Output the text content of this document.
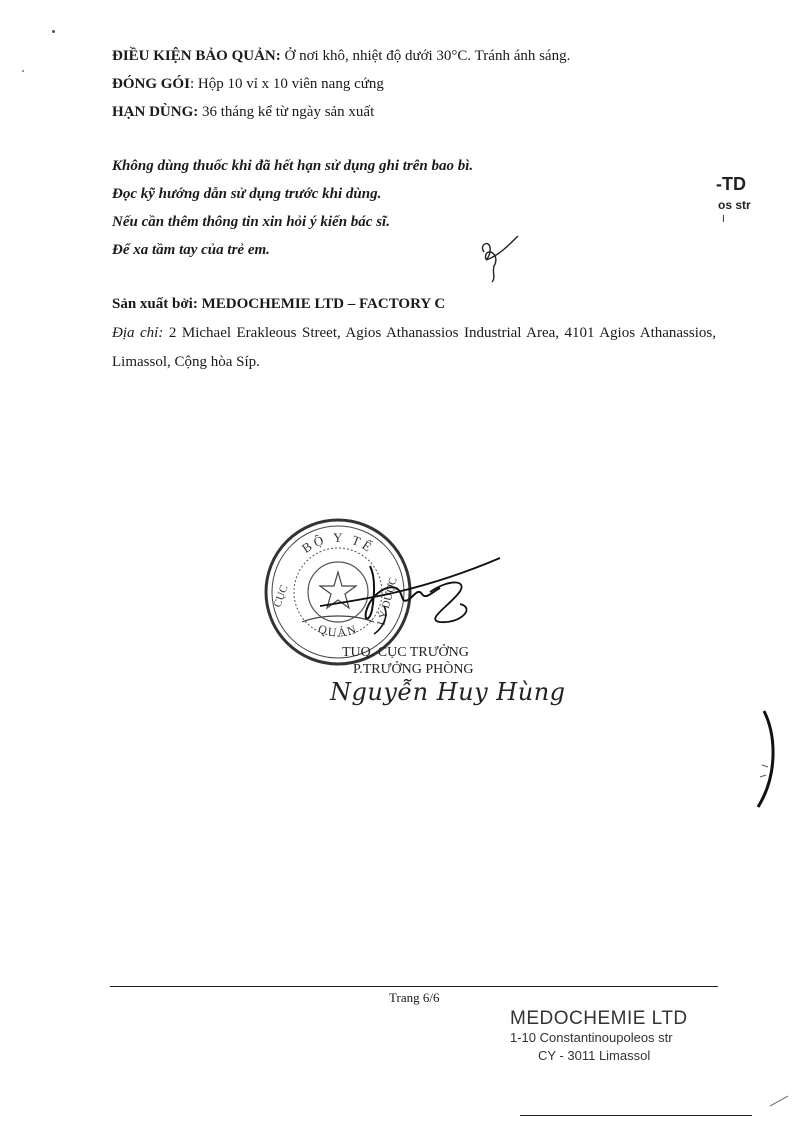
ĐIỀU KIỆN BẢO QUẢN: Ở nơi khô, nhiệt độ dưới 30°C. Tránh ánh sáng.
ĐÓNG GÓI: Hộp 10 vỉ x 10 viên nang cứng
HẠN DÙNG: 36 tháng kể từ ngày sản xuất
Không dùng thuốc khi đã hết hạn sử dụng ghi trên bao bì.
Đọc kỹ hướng dẫn sử dụng trước khi dùng.
Nếu cần thêm thông tin xin hỏi ý kiến bác sĩ.
Để xa tầm tay của trẻ em.
-TD
os str
I
Sản xuất bởi: MEDOCHEMIE LTD – FACTORY C
Địa chỉ: 2 Michael Erakleous Street, Agios Athanassios Industrial Area, 4101 Agios Athanassios, Limassol, Cộng hòa Síp.
BỘ Y TẾ
QUẢN
CỤC	LÝ DƯỢC
TUQ. CỤC TRƯỞNG
P.TRƯỞNG PHÒNG
Nguyễn Huy Hùng
Trang 6/6
MEDOCHEMIE LTD
1-10 Constantinoupoleos str
CY - 3011 Limassol
